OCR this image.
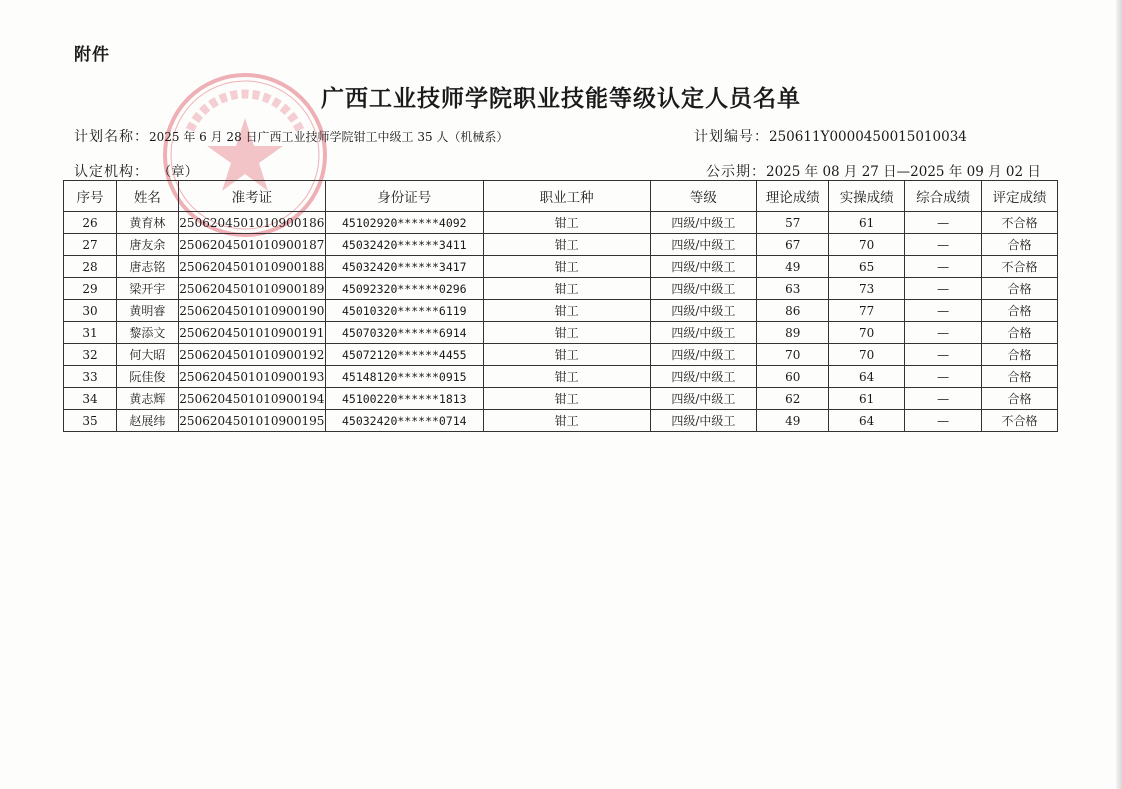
附件
广西工业技师学院职业技能等级认定人员名单
计划名称：2025 年 6 月 28 日广西工业技师学院钳工中级工 35 人（机械系）	计划编号：250611Y0000450015010034
认定机构： （章）	公示期：2025 年 08 月 27 日—2025 年 09 月 02 日
序号	姓名	准考证	身份证号	职业工种	等级	理论成绩	实操成绩	综合成绩	评定成绩
26	黄育林	2506204501010900186	45102920******4092	钳工	四级/中级工	57	61	—	不合格
27	唐友余	2506204501010900187	45032420******3411	钳工	四级/中级工	67	70	—	合格
28	唐志铭	2506204501010900188	45032420******3417	钳工	四级/中级工	49	65	—	不合格
29	梁开宇	2506204501010900189	45092320******0296	钳工	四级/中级工	63	73	—	合格
30	黄明睿	2506204501010900190	45010320******6119	钳工	四级/中级工	86	77	—	合格
31	黎添文	2506204501010900191	45070320******6914	钳工	四级/中级工	89	70	—	合格
32	何大昭	2506204501010900192	45072120******4455	钳工	四级/中级工	70	70	—	合格
33	阮佳俊	2506204501010900193	45148120******0915	钳工	四级/中级工	60	64	—	合格
34	黄志辉	2506204501010900194	45100220******1813	钳工	四级/中级工	62	61	—	合格
35	赵展纬	2506204501010900195	45032420******0714	钳工	四级/中级工	49	64	—	不合格
